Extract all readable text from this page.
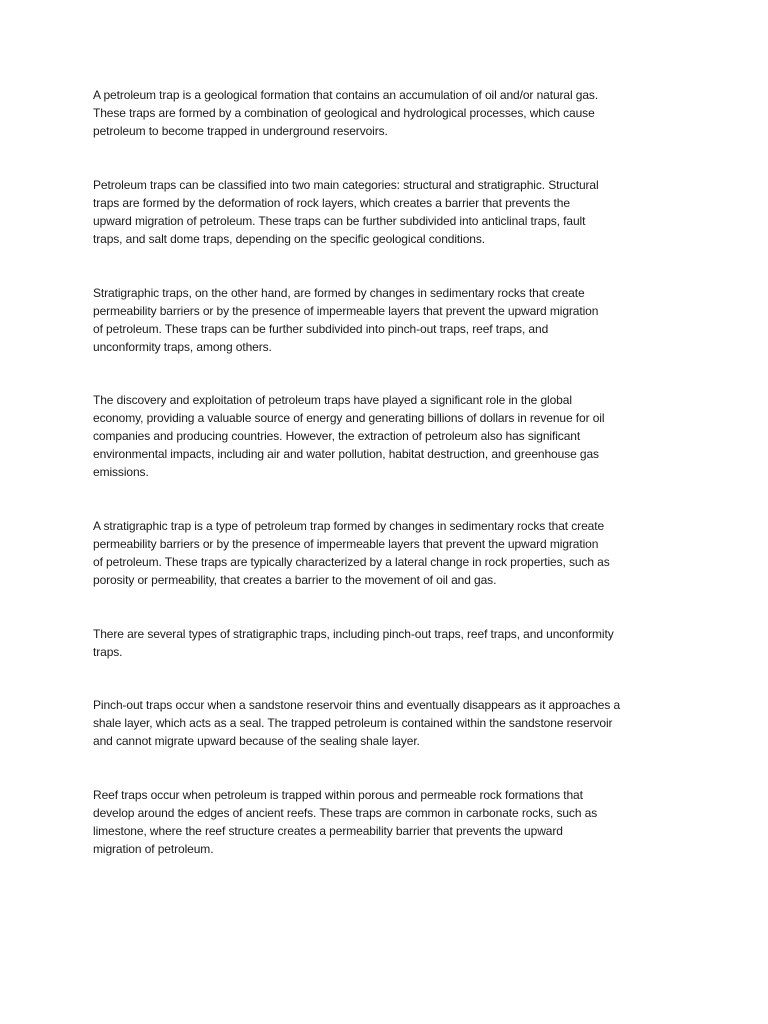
A petroleum trap is a geological formation that contains an accumulation of oil and/or natural gas.
These traps are formed by a combination of geological and hydrological processes, which cause
petroleum to become trapped in underground reservoirs.

Petroleum traps can be classified into two main categories: structural and stratigraphic. Structural
traps are formed by the deformation of rock layers, which creates a barrier that prevents the
upward migration of petroleum. These traps can be further subdivided into anticlinal traps, fault
traps, and salt dome traps, depending on the specific geological conditions.

Stratigraphic traps, on the other hand, are formed by changes in sedimentary rocks that create
permeability barriers or by the presence of impermeable layers that prevent the upward migration
of petroleum. These traps can be further subdivided into pinch-out traps, reef traps, and
unconformity traps, among others.

The discovery and exploitation of petroleum traps have played a significant role in the global
economy, providing a valuable source of energy and generating billions of dollars in revenue for oil
companies and producing countries. However, the extraction of petroleum also has significant
environmental impacts, including air and water pollution, habitat destruction, and greenhouse gas
emissions.

A stratigraphic trap is a type of petroleum trap formed by changes in sedimentary rocks that create
permeability barriers or by the presence of impermeable layers that prevent the upward migration
of petroleum. These traps are typically characterized by a lateral change in rock properties, such as
porosity or permeability, that creates a barrier to the movement of oil and gas.

There are several types of stratigraphic traps, including pinch-out traps, reef traps, and unconformity
traps.

Pinch-out traps occur when a sandstone reservoir thins and eventually disappears as it approaches a
shale layer, which acts as a seal. The trapped petroleum is contained within the sandstone reservoir
and cannot migrate upward because of the sealing shale layer.

Reef traps occur when petroleum is trapped within porous and permeable rock formations that
develop around the edges of ancient reefs. These traps are common in carbonate rocks, such as
limestone, where the reef structure creates a permeability barrier that prevents the upward
migration of petroleum.
